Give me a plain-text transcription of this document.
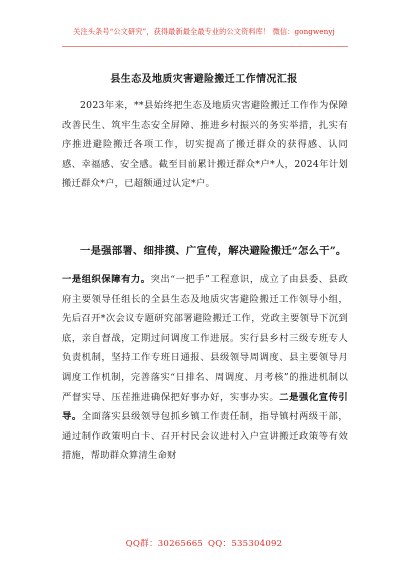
关注头条号“公文研究”，获得最新最全最专业的公文资料库！ 微信：gongwenyj
县生态及地质灾害避险搬迁工作情况汇报

2023年来，**县始终把生态及地质灾害避险搬迁工作作为保障改善民生、筑牢生态安全屏障、推进乡村振兴的务实举措，扎实有序推进避险搬迁各项工作，切实提高了搬迁群众的获得感、认同感、幸福感、安全感。截至目前累计搬迁群众*户*人，2024年计划搬迁群众*户，已超额通过认定*户。

一是强部署、细排摸、广宣传，解决避险搬迁“怎么干”。

一是组织保障有力。突出“一把手”工程意识，成立了由县委、县政府主要领导任组长的全县生态及地质灾害避险搬迁工作领导小组，先后召开*次会议专题研究部署避险搬迁工作，党政主要领导下沉到底，亲自督战，定期过问调度工作进展。实行县乡村三级专班专人负责机制，坚持工作专班日通报、县级领导周调度、县主要领导月调度工作机制，完善落实“日排名、周调度、月考核”的推进机制以严督实导、压茬推进确保把好事办好，实事办实。二是强化宣传引导。全面落实县级领导包抓乡镇工作责任制，指导镇村两级干部，通过制作政策明白卡、召开村民会议进村入户宣讲搬迁政策等有效措施，帮助群众算清生命财

QQ群：30265665 QQ：535304092
